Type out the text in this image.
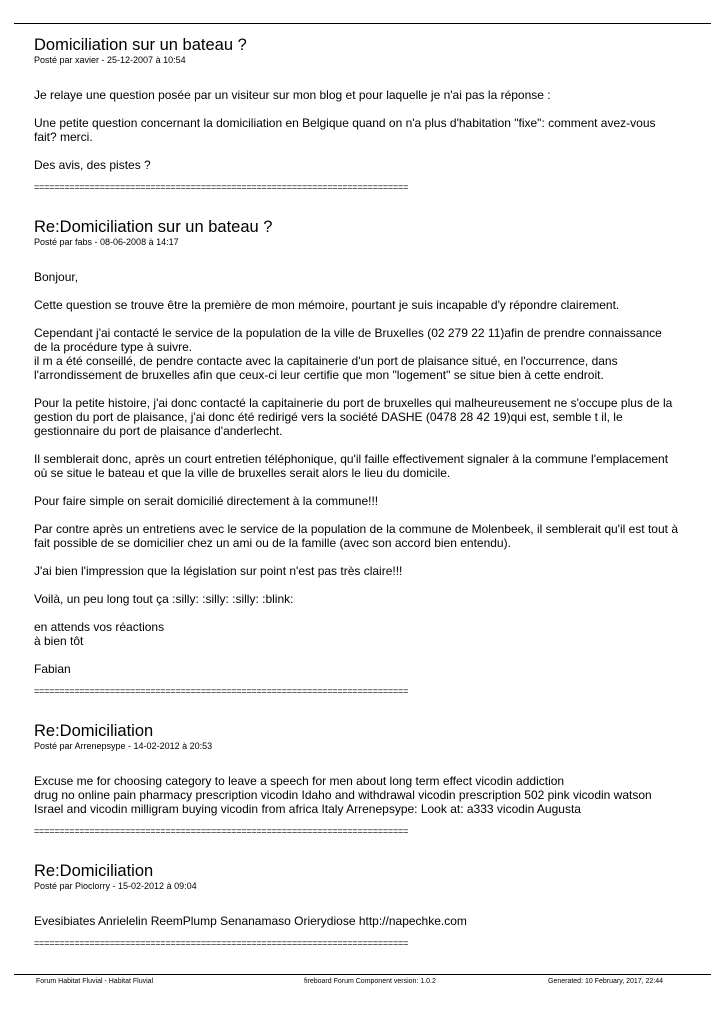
Domiciliation sur un bateau ?
Posté par xavier - 25-12-2007 à 10:54
________________________________________

Je relaye une question posée par un visiteur sur mon blog et pour laquelle je n'ai pas la réponse :

Une petite question concernant la domiciliation en Belgique quand on n'a plus d'habitation "fixe": comment avez-vous
fait? merci.

Des avis, des pistes ?

==========================================================================
Re:Domiciliation sur un bateau ?
Posté par fabs - 08-06-2008 à 14:17
________________________________________

Bonjour,

Cette question se trouve être la première de mon mémoire, pourtant je suis incapable d'y répondre clairement.

Cependant j'ai contacté le service de la population de la ville de Bruxelles (02 279 22 11)afin de prendre connaissance
de la procédure type à suivre.
il m a été conseillé, de pendre contacte avec la capitainerie d'un port de plaisance situé, en l'occurrence, dans
l'arrondissement de bruxelles afin que ceux-ci leur certifie que mon "logement" se situe bien à cette endroit.

Pour la petite histoire, j'ai donc contacté la capitainerie du port de bruxelles qui malheureusement ne s'occupe plus de la
gestion du port de plaisance, j'ai donc été redirigé vers la société DASHE (0478 28 42 19)qui est, semble t il, le
gestionnaire du port de plaisance d'anderlecht.

Il semblerait donc, après un court entretien téléphonique, qu'il faille effectivement signaler à la commune l'emplacement
où se situe le bateau et que la ville de bruxelles serait alors le lieu du domicile.

Pour faire simple on serait domicilié directement à la commune!!!

Par contre après un entretiens avec le service de la population de la commune de Molenbeek, il semblerait qu'il est tout à
fait possible de se domicilier chez un ami ou de la famille (avec son accord bien entendu).

J'ai bien l'impression que la législation sur point n'est pas très claire!!!

Voilà, un peu long tout ça :silly: :silly: :silly: :blink:

en attends vos réactions
à bien tôt

Fabian

==========================================================================
Re:Domiciliation
Posté par Arrenepsype - 14-02-2012 à 20:53
________________________________________

Excuse me for choosing category to leave a speech for men about long term effect vicodin addiction
drug no online pain pharmacy prescription vicodin Idaho and withdrawal vicodin prescription 502 pink vicodin watson
Israel and vicodin milligram buying vicodin from africa Italy Arrenepsype: Look at: a333 vicodin Augusta

==========================================================================
Re:Domiciliation
Posté par Pioclorry - 15-02-2012 à 09:04
________________________________________

Evesibiates Anrielelin ReemPlump Senanamaso Orierydiose http://napechke.com

==========================================================================
Forum Habitat Fluvial - Habitat Fluvial	fireboard Forum Component version: 1.0.2	Generated: 10 February, 2017, 22:44
